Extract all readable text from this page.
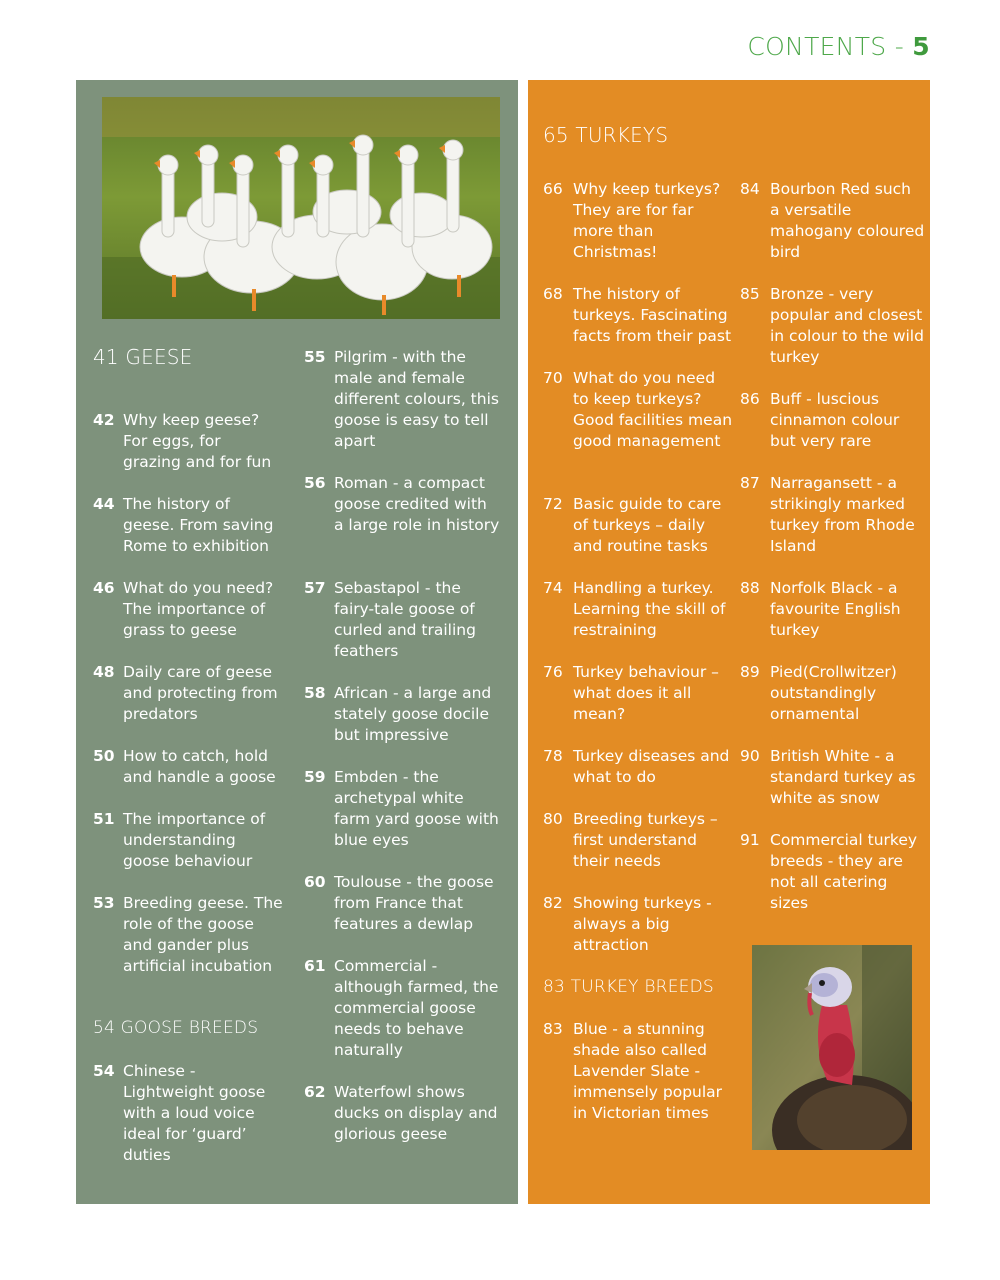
CONTENTS - 5
41 GEESE
42 Why keep geese? For eggs, for grazing and for fun
44 The history of geese. From saving Rome to exhibition
46 What do you need? The importance of grass to geese
48 Daily care of geese and protecting from predators
50 How to catch, hold and handle a goose
51 The importance of understanding goose behaviour
53 Breeding geese. The role of the goose and gander plus artificial incubation
54 GOOSE BREEDS
54 Chinese - Lightweight goose with a loud voice ideal for ‘guard’ duties
55 Pilgrim - with the male and female different colours, this goose is easy to tell apart
56 Roman - a compact goose credited with a large role in history
57 Sebastapol - the fairy-tale goose of curled and trailing feathers
58 African - a large and stately goose docile but impressive
59 Embden - the archetypal white farm yard goose with blue eyes
60 Toulouse - the goose from France that features a dewlap
61 Commercial - although farmed, the commercial goose needs to behave naturally
62 Waterfowl shows ducks on display and glorious geese
65 TURKEYS
66 Why keep turkeys? They are for far more than Christmas!
68 The history of turkeys. Fascinating facts from their past
70 What do you need to keep turkeys? Good facilities mean good management
72 Basic guide to care of turkeys – daily and routine tasks
74 Handling a turkey. Learning the skill of restraining
76 Turkey behaviour – what does it all mean?
78 Turkey diseases and what to do
80 Breeding turkeys – first understand their needs
82 Showing turkeys - always a big attraction
83 TURKEY BREEDS
83 Blue - a stunning shade also called Lavender Slate - immensely popular in Victorian times
84 Bourbon Red such a versatile mahogany coloured bird
85 Bronze - very popular and closest in colour to the wild turkey
86 Buff - luscious cinnamon colour but very rare
87 Narragansett - a strikingly marked turkey from Rhode Island
88 Norfolk Black - a favourite English turkey
89 Pied(Crollwitzer) outstandingly ornamental
90 British White - a standard turkey as white as snow
91 Commercial turkey breeds - they are not all catering sizes
